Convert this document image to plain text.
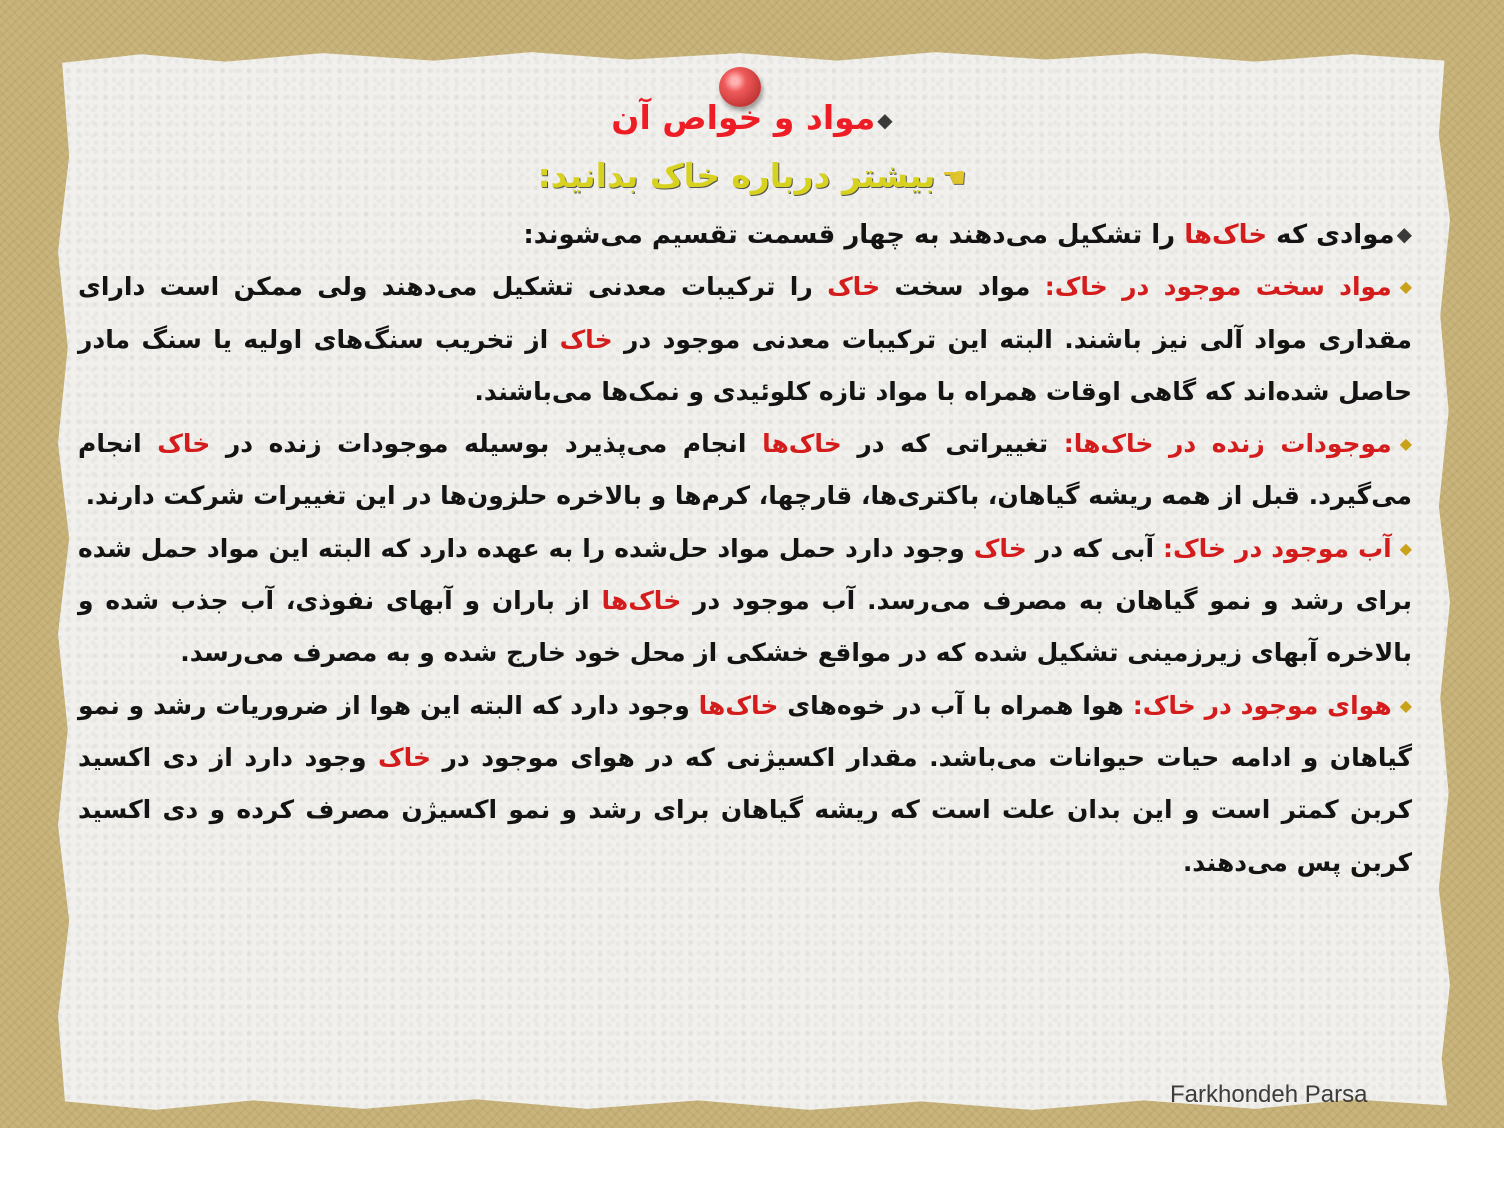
◆مواد و خواص آن
☚بیشتر درباره خاک بدانید:

◆موادی که خاک‌ها را تشکیل می‌دهند به چهار قسمت تقسیم می‌شوند:

◆مواد سخت موجود در خاک: مواد سخت خاک را ترکیبات معدنی تشکیل می‌دهند ولی ممکن است دارای مقداری مواد آلی نیز باشند. البته این ترکیبات معدنی موجود در خاک از تخریب سنگ‌های اولیه یا سنگ مادر حاصل شده‌اند که گاهی اوقات همراه با مواد تازه کلوئیدی و نمک‌ها می‌باشند.

◆موجودات زنده در خاک‌ها: تغییراتی که در خاک‌ها انجام می‌پذیرد بوسیله موجودات زنده در خاک انجام می‌گیرد. قبل از همه ریشه گیاهان، باکتری‌ها، قارچها، کرم‌ها و بالاخره حلزون‌ها در این تغییرات شرکت دارند.

◆آب موجود در خاک: آبی که در خاک وجود دارد حمل مواد حل‌شده را به عهده دارد که البته این مواد حمل شده برای رشد و نمو گیاهان به مصرف می‌رسد. آب موجود در خاک‌ها از باران و آبهای نفوذی، آب جذب شده و بالاخره آبهای زیرزمینی تشکیل شده که در مواقع خشکی از محل خود خارج شده و به مصرف می‌رسد.

◆هوای موجود در خاک: هوا همراه با آب در خوه‌های خاک‌ها وجود دارد که البته این هوا از ضروریات رشد و نمو گیاهان و ادامه حیات حیوانات می‌باشد. مقدار اکسیژنی که در هوای موجود در خاک وجود دارد از دی اکسید کربن کمتر است و این بدان علت است که ریشه گیاهان برای رشد و نمو اکسیژن مصرف کرده و دی اکسید کربن پس می‌دهند.

Farkhondeh Parsa
